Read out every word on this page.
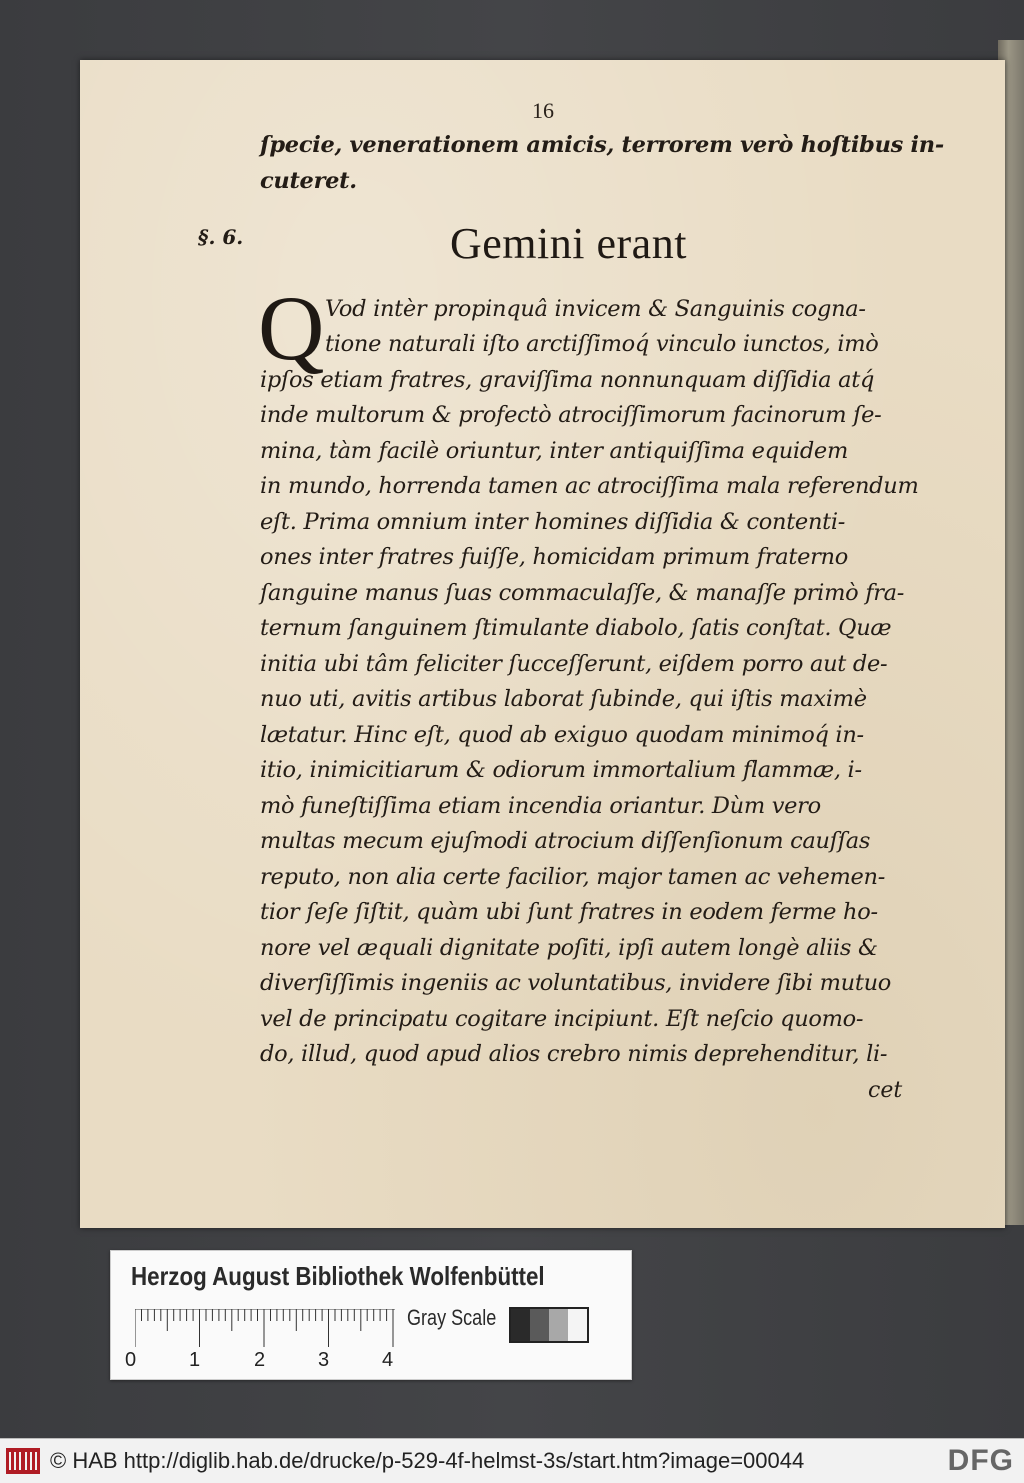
16
ſpecie, venerationem amicis, terrorem verò hoſtibus in-
cuteret.
§. 6.	Gemini erant
Q Vod intèr propinquâ invicem & Sanguinis cogna-
tione naturali iſto arctiſſimoq́ vinculo iunctos, imò
ipſos etiam fratres, graviſſima nonnunquam diſſidia atq́
inde multorum & profectò atrociſſimorum facinorum ſe-
mina, tàm facilè oriuntur, inter antiquiſſima equidem
in mundo, horrenda tamen ac atrociſſima mala referendum
eſt. Prima omnium inter homines diſſidia & contenti-
ones inter fratres fuiſſe, homicidam primum fraterno
ſanguine manus ſuas commaculaſſe, & manaſſe primò fra-
ternum ſanguinem ſtimulante diabolo, ſatis conſtat. Quæ
initia ubi tâm feliciter ſucceſſerunt, eiſdem porro aut de-
nuo uti, avitis artibus laborat ſubinde, qui iſtis maximè
lætatur. Hinc eſt, quod ab exiguo quodam minimoq́ in-
itio, inimicitiarum & odiorum immortalium flammæ, i-
mò funeſtiſſima etiam incendia oriantur. Dùm vero
multas mecum ejuſmodi atrocium diſſenſionum cauſſas
reputo, non alia certe facilior, major tamen ac vehemen-
tior ſeſe ſiſtit, quàm ubi ſunt fratres in eodem ferme ho-
nore vel æquali dignitate poſiti, ipſi autem longè aliis &
diverſiſſimis ingeniis ac voluntatibus, invidere ſibi mutuo
vel de principatu cogitare incipiunt. Eſt neſcio quomo-
do, illud, quod apud alios crebro nimis deprehenditur, li-
cet
Herzog August Bibliothek Wolfenbüttel
0	1	2	3	4
Gray Scale
© HAB http://diglib.hab.de/drucke/p-529-4f-helmst-3s/start.htm?image=00044	DFG
